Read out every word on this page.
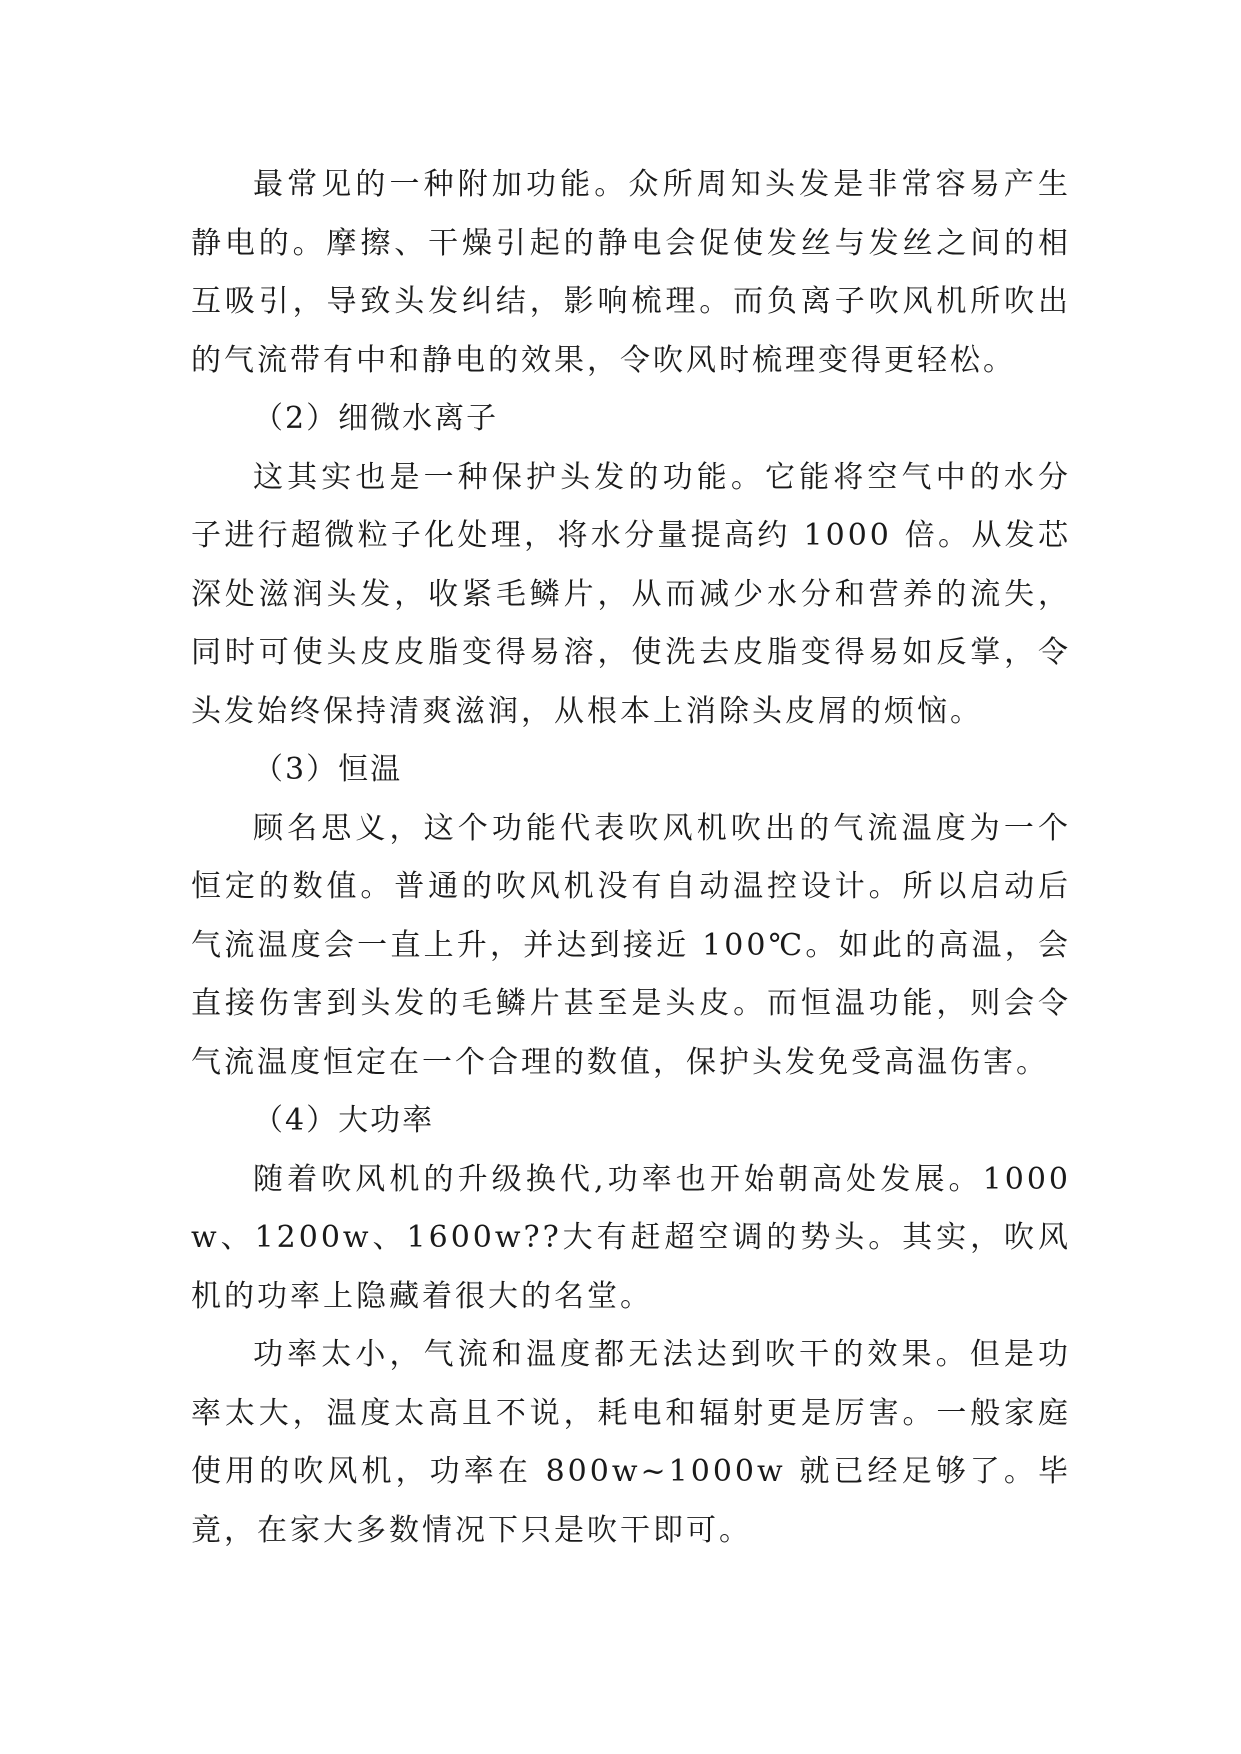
最常见的一种附加功能。众所周知头发是非常容易产生静电的。摩擦、干燥引起的静电会促使发丝与发丝之间的相互吸引，导致头发纠结，影响梳理。而负离子吹风机所吹出的气流带有中和静电的效果，令吹风时梳理变得更轻松。

（2）细微水离子

这其实也是一种保护头发的功能。它能将空气中的水分子进行超微粒子化处理，将水分量提高约 1000 倍。从发芯深处滋润头发，收紧毛鳞片，从而减少水分和营养的流失，同时可使头皮皮脂变得易溶，使洗去皮脂变得易如反掌，令头发始终保持清爽滋润，从根本上消除头皮屑的烦恼。

（3）恒温

顾名思义，这个功能代表吹风机吹出的气流温度为一个恒定的数值。普通的吹风机没有自动温控设计。所以启动后气流温度会一直上升，并达到接近 100℃。如此的高温，会直接伤害到头发的毛鳞片甚至是头皮。而恒温功能，则会令气流温度恒定在一个合理的数值，保护头发免受高温伤害。

（4）大功率

随着吹风机的升级换代,功率也开始朝高处发展。1000w、1200w、1600w??大有赶超空调的势头。其实，吹风机的功率上隐藏着很大的名堂。

功率太小，气流和温度都无法达到吹干的效果。但是功率太大，温度太高且不说，耗电和辐射更是厉害。一般家庭使用的吹风机，功率在 800w~1000w 就已经足够了。毕竟，在家大多数情况下只是吹干即可。
